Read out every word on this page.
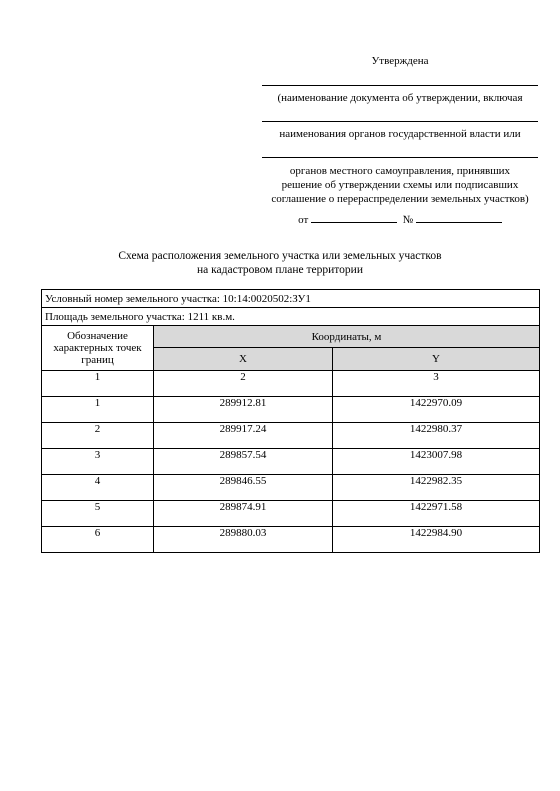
Утверждена
(наименование документа об утверждении, включая
наименования органов государственной власти или
органов местного самоуправления, принявших
решение об утверждении схемы или подписавших
соглашение о перераспределении земельных участков)
от	№
Схема расположения земельного участка или земельных участков
на кадастровом плане территории
Условный номер земельного участка: 10:14:0020502:ЗУ1		
Площадь земельного участка: 1211 кв.м.		

Обозначение
характерных точек
границ	Координаты, м	
	X	Y
1	2	3
1	289912.81	1422970.09
2	289917.24	1422980.37
3	289857.54	1423007.98
4	289846.55	1422982.35
5	289874.91	1422971.58
6	289880.03	1422984.90
